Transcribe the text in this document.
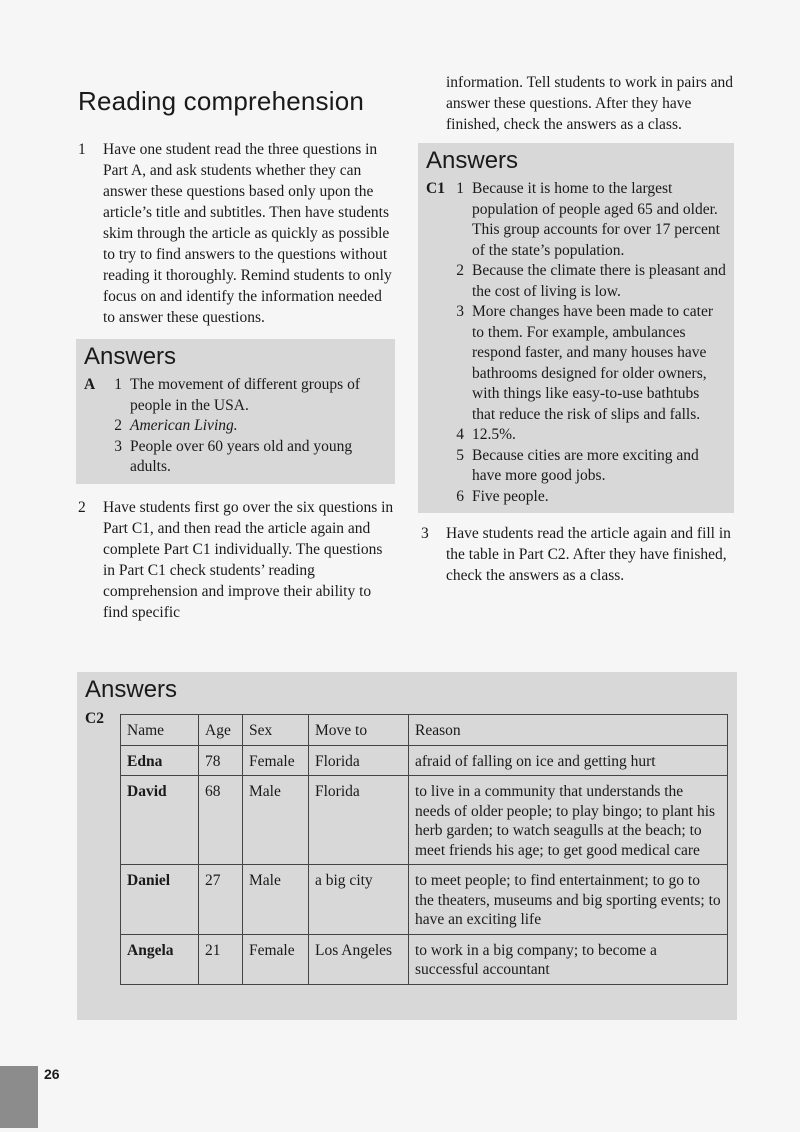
Reading comprehension
1	Have one student read the three questions in Part A, and ask students whether they can answer these questions based only upon the article’s title and subtitles. Then have students skim through the article as quickly as possible to try to find answers to the questions without reading it thoroughly. Remind students to only focus on and identify the information needed to answer these questions.
Answers
A	1 The movement of different groups of people in the USA.
2 American Living.
3 People over 60 years old and young adults.
2	Have students first go over the six questions in Part C1, and then read the article again and complete Part C1 individually. The questions in Part C1 check students’ reading comprehension and improve their ability to find specific
information. Tell students to work in pairs and answer these questions. After they have finished, check the answers as a class.
Answers
C1 1 Because it is home to the largest population of people aged 65 and older. This group accounts for over 17 percent of the state’s population.
2 Because the climate there is pleasant and the cost of living is low.
3 More changes have been made to cater to them. For example, ambulances respond faster, and many houses have bathrooms designed for older owners, with things like easy-to-use bathtubs that reduce the risk of slips and falls.
4 12.5%.
5 Because cities are more exciting and have more good jobs.
6 Five people.
3	Have students read the article again and fill in the table in Part C2. After they have finished, check the answers as a class.
Answers
C2
Name	Age	Sex	Move to	Reason
Edna	78	Female	Florida	afraid of falling on ice and getting hurt
David	68	Male	Florida	to live in a community that understands the needs of older people; to play bingo; to plant his herb garden; to watch seagulls at the beach; to meet friends his age; to get good medical care
Daniel	27	Male	a big city	to meet people; to find entertainment; to go to the theaters, museums and big sporting events; to have an exciting life
Angela	21	Female	Los Angeles	to work in a big company; to become a successful accountant
26
